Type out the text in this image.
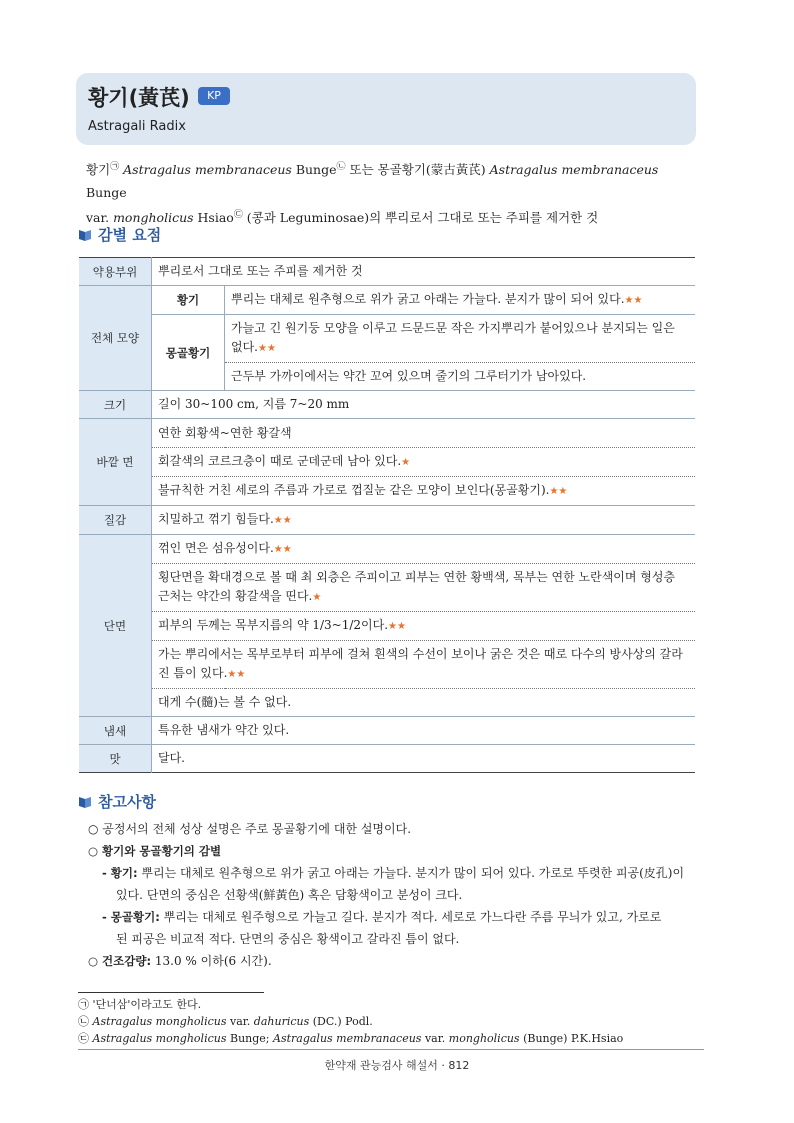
황기(黃芪)	KP
Astragali Radix
황기㉠ Astragalus membranaceus Bunge㉡ 또는 몽골황기(蒙古黃芪) Astragalus membranaceus Bunge
var. mongholicus Hsiao㉢ (콩과 Leguminosae)의 뿌리로서 그대로 또는 주피를 제거한 것
감별 요점
약용부위	뿌리로서 그대로 또는 주피를 제거한 것	
전체 모양	황기	뿌리는 대체로 원추형으로 위가 굵고 아래는 가늘다. 분지가 많이 되어 있다.★★
	몽골황기	가늘고 긴 원기둥 모양을 이루고 드문드문 작은 가지뿌리가 붙어있으나 분지되는 일은 없다.★★
		근두부 가까이에서는 약간 꼬여 있으며 줄기의 그루터기가 남아있다.
크기	길이 30~100 cm, 지름 7~20 mm	
바깥 면	연한 회황색~연한 황갈색	
	회갈색의 코르크층이 때로 군데군데 남아 있다.★	
	불규칙한 거친 세로의 주름과 가로로 껍질눈 같은 모양이 보인다(몽골황기).★★	
질감	치밀하고 꺾기 힘들다.★★	
단면	꺾인 면은 섬유성이다.★★	
	횡단면을 확대경으로 볼 때 최 외층은 주피이고 피부는 연한 황백색, 목부는 연한 노란색이며 형성층 근처는 약간의 황갈색을 띤다.★	
	피부의 두께는 목부지름의 약 1/3~1/2이다.★★	
	가는 뿌리에서는 목부로부터 피부에 걸쳐 흰색의 수선이 보이나 굵은 것은 때로 다수의 방사상의 갈라진 틈이 있다.★★	
	대게 수(髓)는 볼 수 없다.	
냄새	특유한 냄새가 약간 있다.	
맛	달다.	
참고사항
○ 공정서의 전체 성상 설명은 주로 몽골황기에 대한 설명이다.
○ 황기와 몽골황기의 감별
- 황기: 뿌리는 대체로 원추형으로 위가 굵고 아래는 가늘다. 분지가 많이 되어 있다. 가로로 뚜렷한 피공(皮孔)이
있다. 단면의 중심은 선황색(鮮黃色) 혹은 담황색이고 분성이 크다.
- 몽골황기: 뿌리는 대체로 원주형으로 가늘고 길다. 분지가 적다. 세로로 가느다란 주름 무늬가 있고, 가로로
된 피공은 비교적 적다. 단면의 중심은 황색이고 갈라진 틈이 없다.
○ 건조감량: 13.0 % 이하(6 시간).
㉠ '단너삼'이라고도 한다.
㉡ Astragalus mongholicus var. dahuricus (DC.) Podl.
㉢ Astragalus mongholicus Bunge; Astragalus membranaceus var. mongholicus (Bunge) P.K.Hsiao
한약재 관능검사 해설서 · 812
